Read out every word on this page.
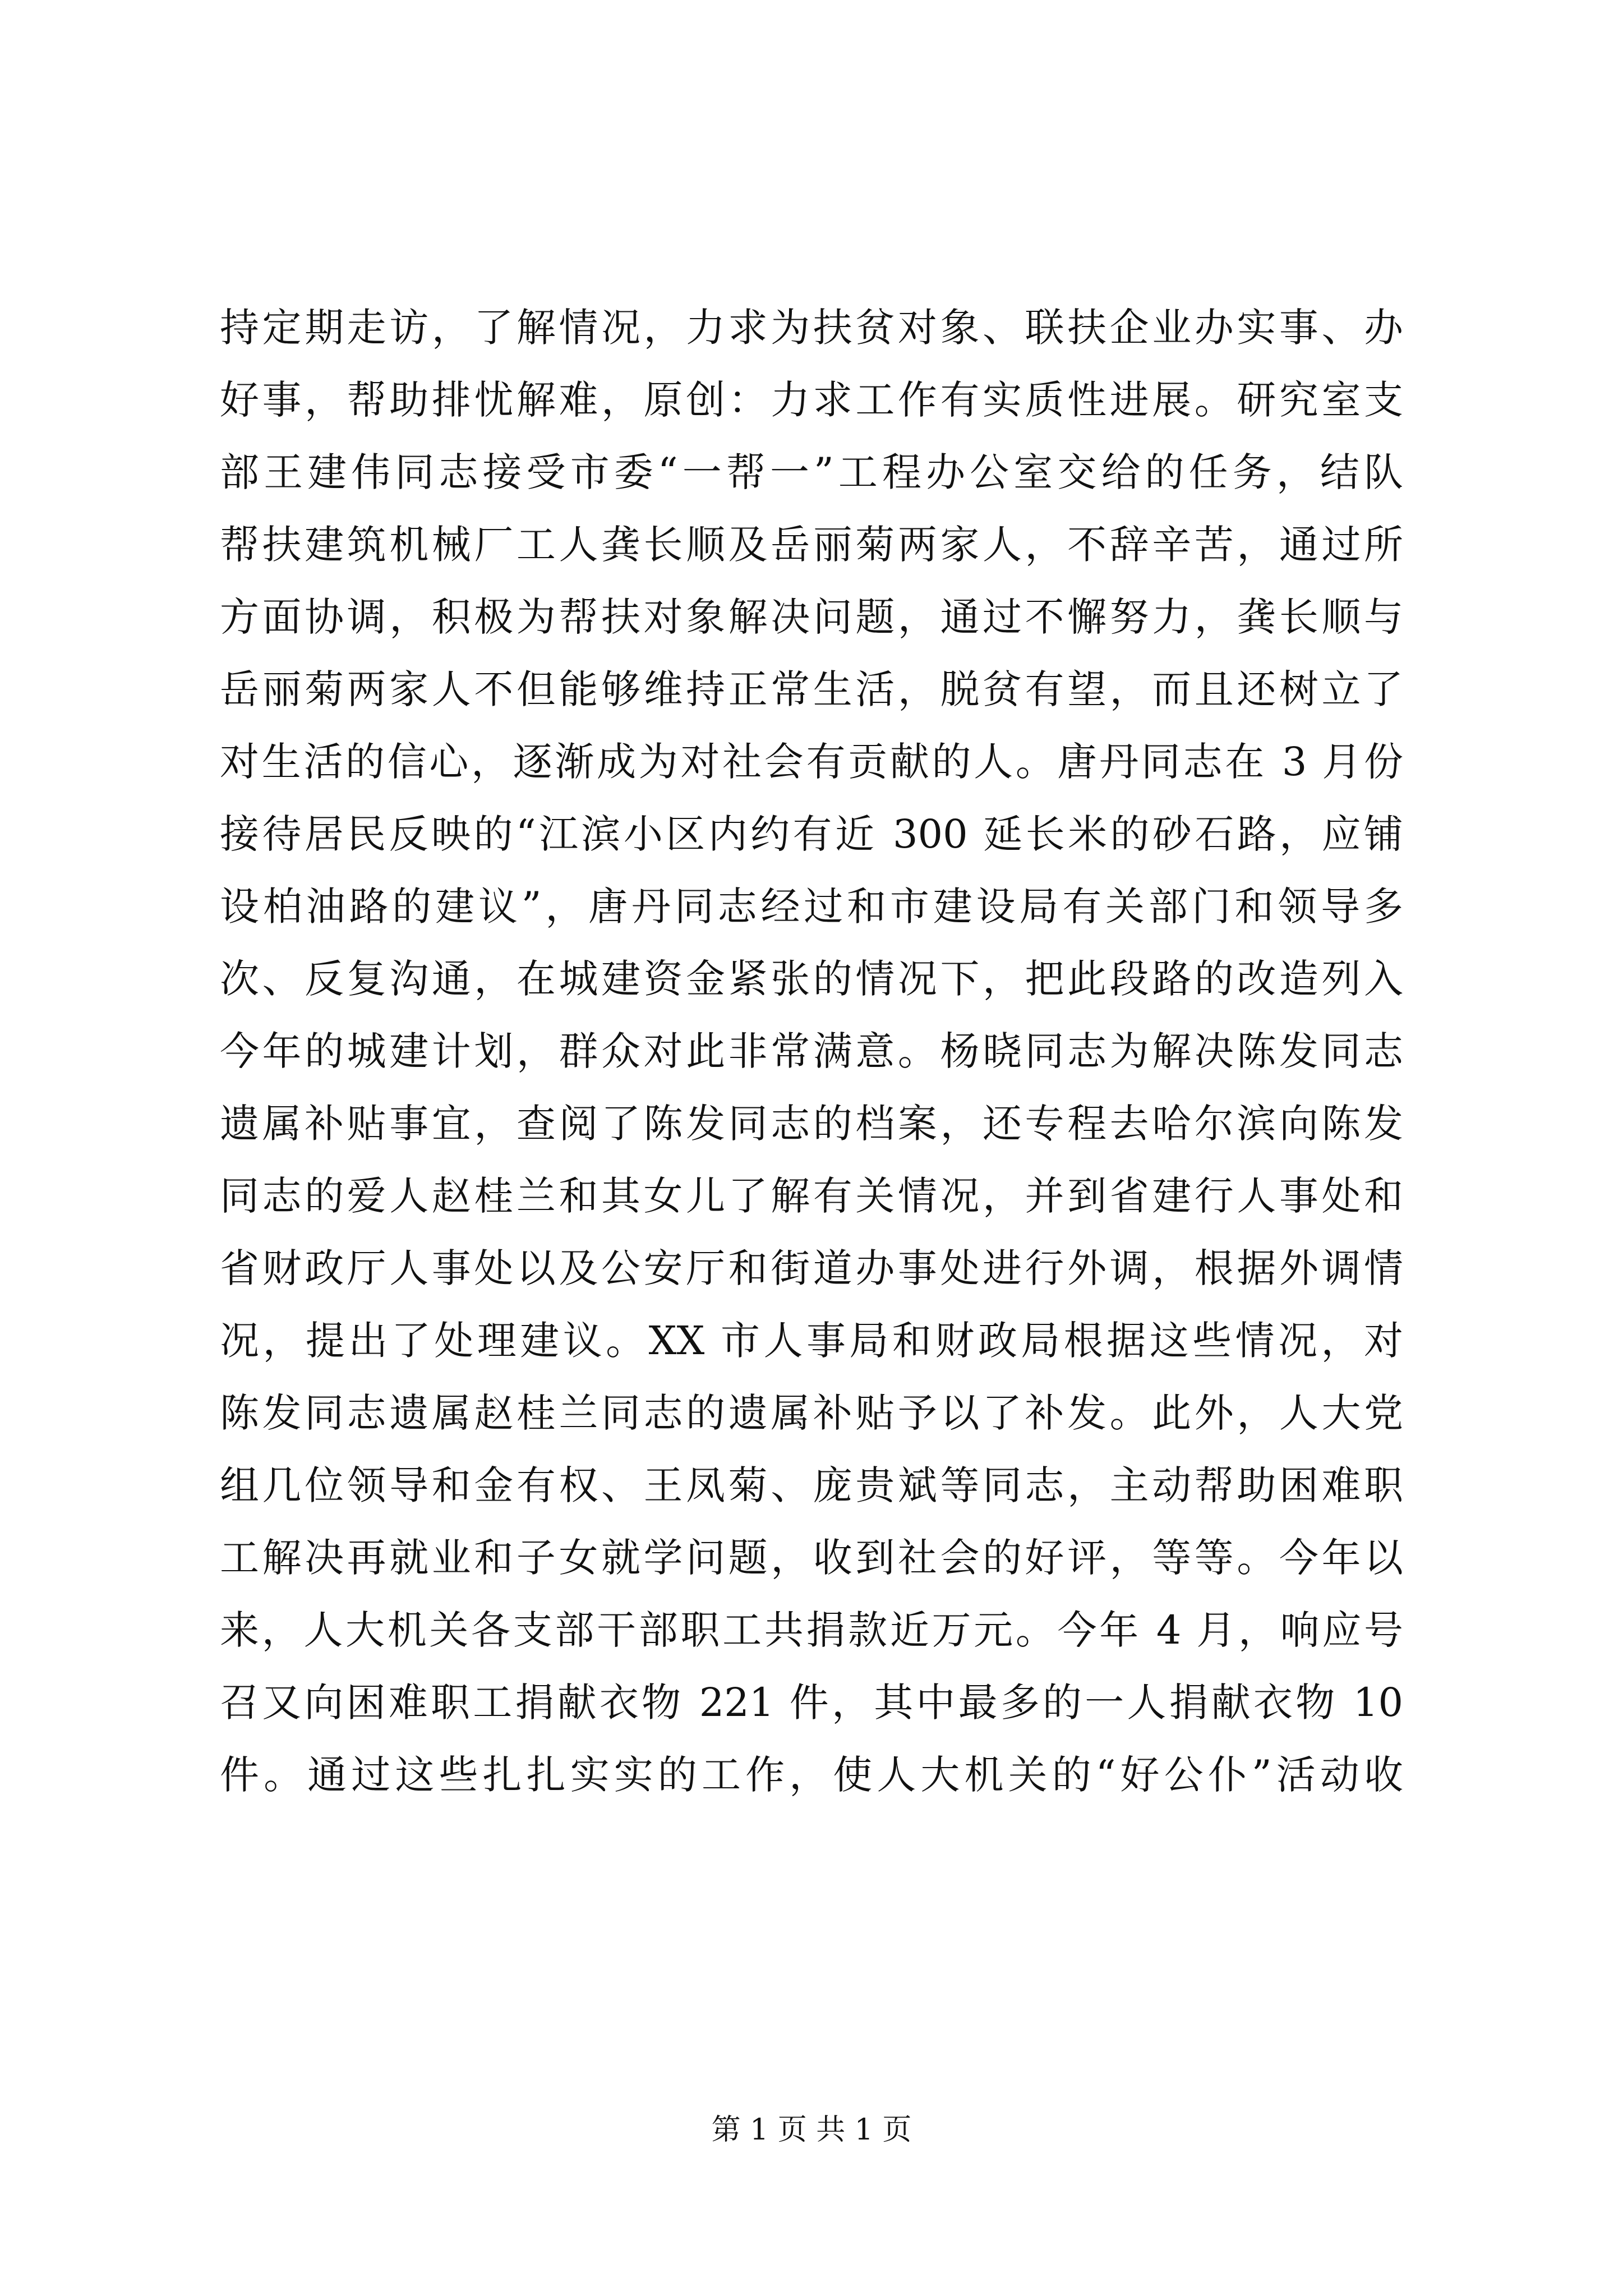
持定期走访，了解情况，力求为扶贫对象、联扶企业办实事、办
好事，帮助排忧解难，原创：力求工作有实质性进展。研究室支
部王建伟同志接受市委“一帮一”工程办公室交给的任务，结队
帮扶建筑机械厂工人龚长顺及岳丽菊两家人，不辞辛苦，通过所
方面协调，积极为帮扶对象解决问题，通过不懈努力，龚长顺与
岳丽菊两家人不但能够维持正常生活，脱贫有望，而且还树立了
对生活的信心，逐渐成为对社会有贡献的人。唐丹同志在 3 月份
接待居民反映的“江滨小区内约有近 300 延长米的砂石路，应铺
设柏油路的建议”，唐丹同志经过和市建设局有关部门和领导多
次、反复沟通，在城建资金紧张的情况下，把此段路的改造列入
今年的城建计划，群众对此非常满意。杨晓同志为解决陈发同志
遗属补贴事宜，查阅了陈发同志的档案，还专程去哈尔滨向陈发
同志的爱人赵桂兰和其女儿了解有关情况，并到省建行人事处和
省财政厅人事处以及公安厅和街道办事处进行外调，根据外调情
况，提出了处理建议。XX 市人事局和财政局根据这些情况，对
陈发同志遗属赵桂兰同志的遗属补贴予以了补发。此外，人大党
组几位领导和金有权、王凤菊、庞贵斌等同志，主动帮助困难职
工解决再就业和子女就学问题，收到社会的好评，等等。今年以
来，人大机关各支部干部职工共捐款近万元。今年 4 月，响应号
召又向困难职工捐献衣物 221 件，其中最多的一人捐献衣物 10
件。通过这些扎扎实实的工作，使人大机关的“好公仆”活动收
第 1 页 共 1 页
